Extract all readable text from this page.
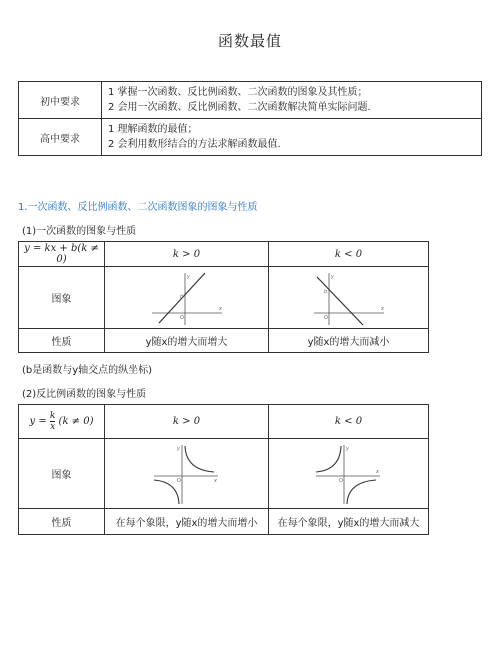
函数最值
初中要求	1 掌握一次函数、反比例函数、二次函数的图象及其性质；
2 会用一次函数、反比例函数、二次函数解决简单实际问题.

高中要求	1 理解函数的最值；
2 会利用数形结合的方法求解函数最值.
1.一次函数、反比例函数、二次函数图象的图象与性质
(1)一次函数的图象与性质
y = kx + b(k ≠ 0)	k > 0	k < 0
图象	y
x
b
O	y
x
b
O

性质	y随x的增大而增大	y随x的增大而减小
(b是函数与y轴交点的纵坐标)
(2)反比例函数的图象与性质
$y = \frac{k}{x} (k \ne 0)$	k > 0	k < 0
图象	y
x
O	y
x
O

性质	在每个象限，y随x的增大而增小	在每个象限，y随x的增大而减大
